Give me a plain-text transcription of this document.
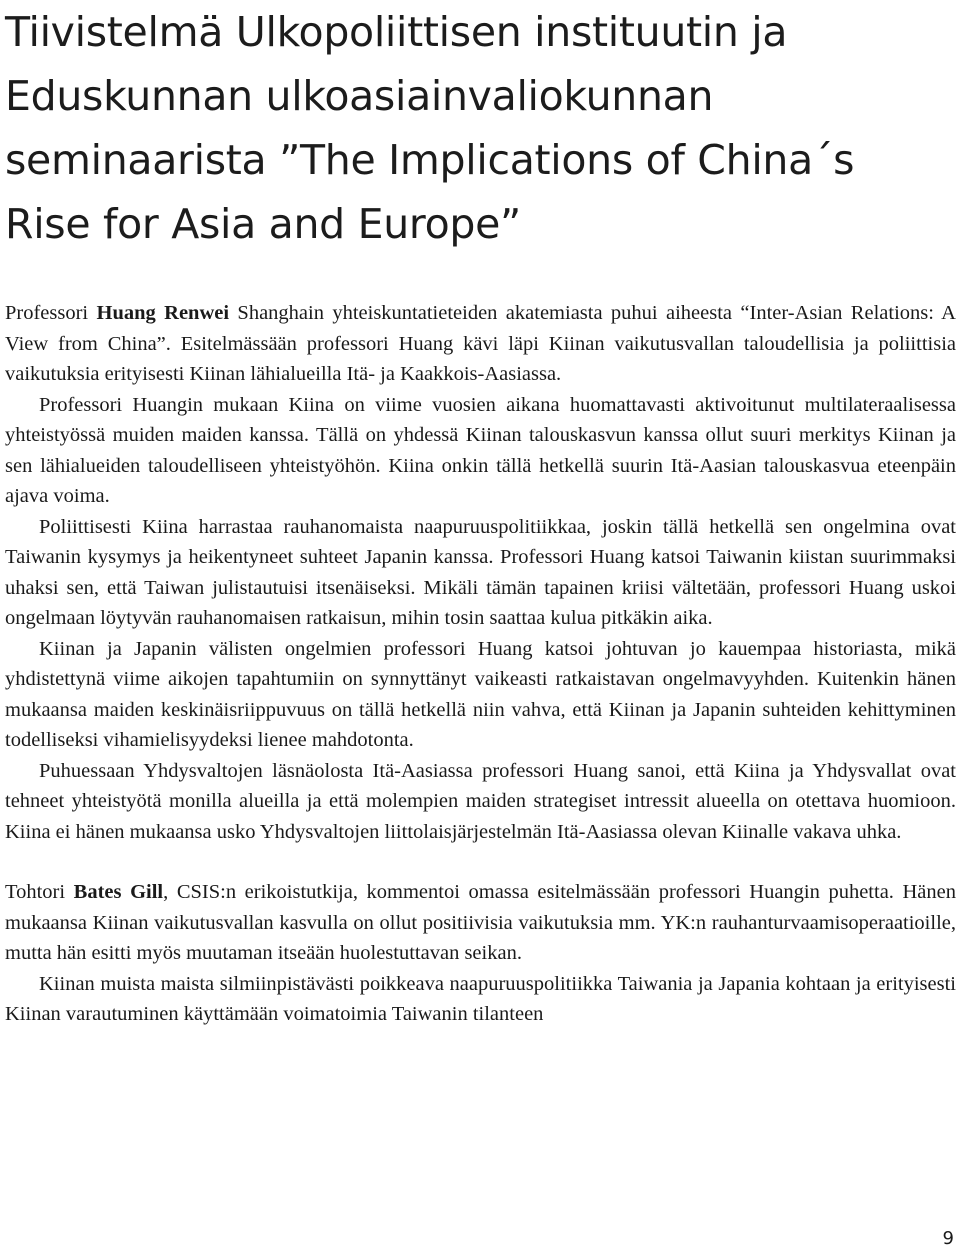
Tiivistelmä Ulkopoliittisen instituutin ja Eduskunnan ulkoasiainvaliokunnan seminaarista ”The Implications of China´s Rise for Asia and Europe”

Professori Huang Renwei Shanghain yhteiskuntatieteiden akatemiasta puhui aiheesta “Inter-Asian Relations: A View from China”. Esitelmässään professori Huang kävi läpi Kiinan vaikutusvallan taloudellisia ja poliittisia vaikutuksia erityisesti Kiinan lähialueilla Itä- ja Kaakkois-Aasiassa.

Professori Huangin mukaan Kiina on viime vuosien aikana huomattavasti aktivoitunut multilateraalisessa yhteistyössä muiden maiden kanssa. Tällä on yhdessä Kiinan talouskasvun kanssa ollut suuri merkitys Kiinan ja sen lähialueiden taloudelliseen yhteistyöhön. Kiina onkin tällä hetkellä suurin Itä-Aasian talouskasvua eteenpäin ajava voima.

Poliittisesti Kiina harrastaa rauhanomaista naapuruuspolitiikkaa, joskin tällä hetkellä sen ongelmina ovat Taiwanin kysymys ja heikentyneet suhteet Japanin kanssa. Professori Huang katsoi Taiwanin kiistan suurimmaksi uhaksi sen, että Taiwan julistautuisi itsenäiseksi. Mikäli tämän tapainen kriisi vältetään, professori Huang uskoi ongelmaan löytyvän rauhanomaisen ratkaisun, mihin tosin saattaa kulua pitkäkin aika.

Kiinan ja Japanin välisten ongelmien professori Huang katsoi johtuvan jo kauempaa historiasta, mikä yhdistettynä viime aikojen tapahtumiin on synnyttänyt vaikeasti ratkaistavan ongelmavyyhden. Kuitenkin hänen mukaansa maiden keskinäisriippuvuus on tällä hetkellä niin vahva, että Kiinan ja Japanin suhteiden kehittyminen todelliseksi vihamielisyydeksi lienee mahdotonta.

Puhuessaan Yhdysvaltojen läsnäolosta Itä-Aasiassa professori Huang sanoi, että Kiina ja Yhdysvallat ovat tehneet yhteistyötä monilla alueilla ja että molempien maiden strategiset intressit alueella on otettava huomioon. Kiina ei hänen mukaansa usko Yhdysvaltojen liittolaisjärjestelmän Itä-Aasiassa olevan Kiinalle vakava uhka.

Tohtori Bates Gill, CSIS:n erikoistutkija, kommentoi omassa esitelmässään professori Huangin puhetta. Hänen mukaansa Kiinan vaikutusvallan kasvulla on ollut positiivisia vaikutuksia mm. YK:n rauhanturvaamisoperaatioille, mutta hän esitti myös muutaman itseään huolestuttavan seikan.

Kiinan muista maista silmiinpistävästi poikkeava naapuruuspolitiikka Taiwania ja Japania kohtaan ja erityisesti Kiinan varautuminen käyttämään voimatoimia Taiwanin tilanteen

9
